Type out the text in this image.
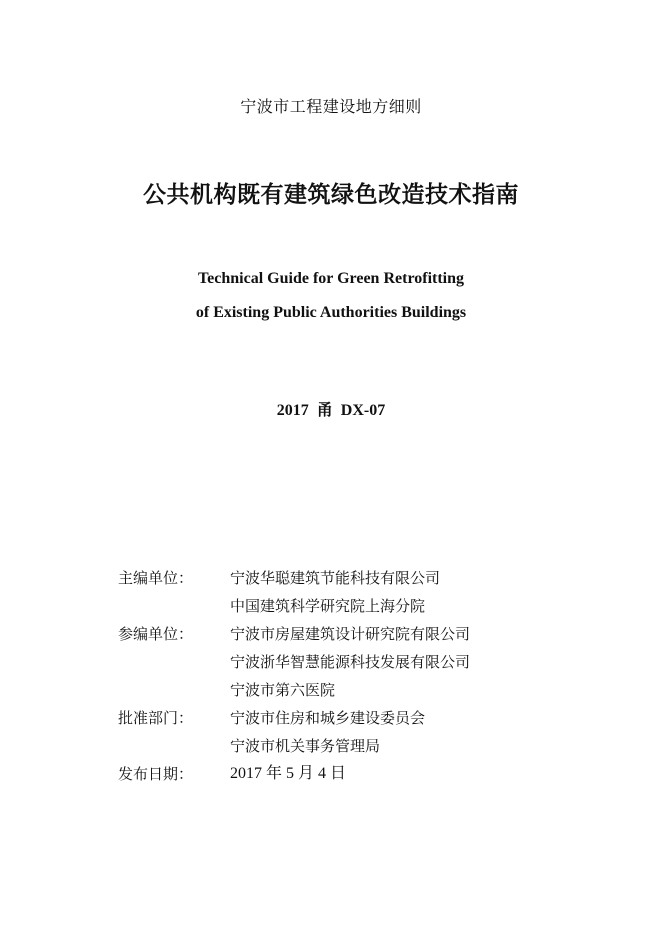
宁波市工程建设地方细则
公共机构既有建筑绿色改造技术指南
Technical Guide for Green Retrofitting
of Existing Public Authorities Buildings
2017 甬 DX-07
主编单位：	宁波华聪建筑节能科技有限公司
中国建筑科学研究院上海分院
参编单位：	宁波市房屋建筑设计研究院有限公司
宁波浙华智慧能源科技发展有限公司
宁波市第六医院
批准部门：	宁波市住房和城乡建设委员会
宁波市机关事务管理局
发布日期：	2017 年 5 月 4 日
